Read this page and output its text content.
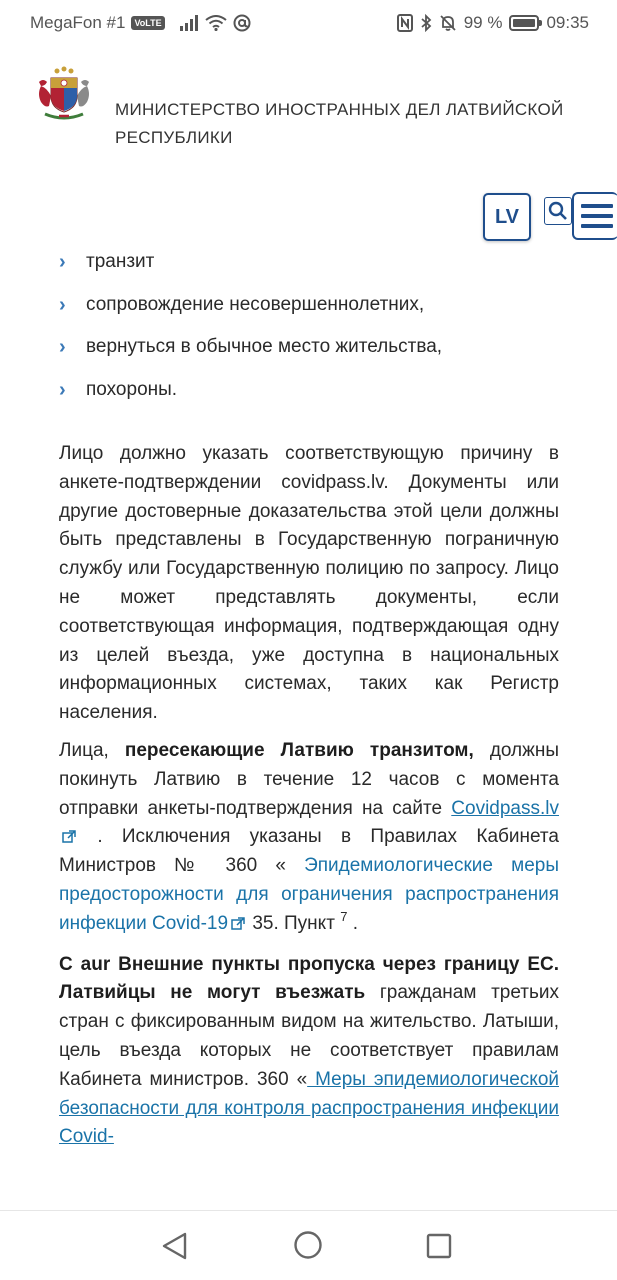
MegaFon #1	VoLTE	99 %	09:35
МИНИСТЕРСТВО ИНОСТРАННЫХ ДЕЛ ЛАТВИЙСКОЙ РЕСПУБЛИКИ
LV
› транзит
› сопровождение несовершеннолетних,
› вернуться в обычное место жительства,
› похороны.

Лицо должно указать соответствующую причину в анкете-подтверждении covidpass.lv. Документы или другие достоверные доказательства этой цели должны быть представлены в Государственную пограничную службу или Государственную полицию по запросу. Лицо не может представлять документы, если соответствующая информация, подтверждающая одну из целей въезда, уже доступна в национальных информационных системах, таких как Регистр населения.

Лица, пересекающие Латвию транзитом, должны покинуть Латвию в течение 12 часов с момента отправки анкеты-подтверждения на сайте Covidpass.lv . Исключения указаны в Правилах Кабинета Министров № 360 « Эпидемиологические меры предосторожности для ограничения распространения инфекции Covid-19 35. Пункт $^7$ .

С aur Внешние пункты пропуска через границу ЕС. Латвийцы не могут въезжать гражданам третьих стран с фиксированным видом на жительство. Латыши, цель въезда которых не соответствует правилам Кабинета министров. 360 « Меры эпидемиологической безопасности для контроля распространения инфекции Covid-
